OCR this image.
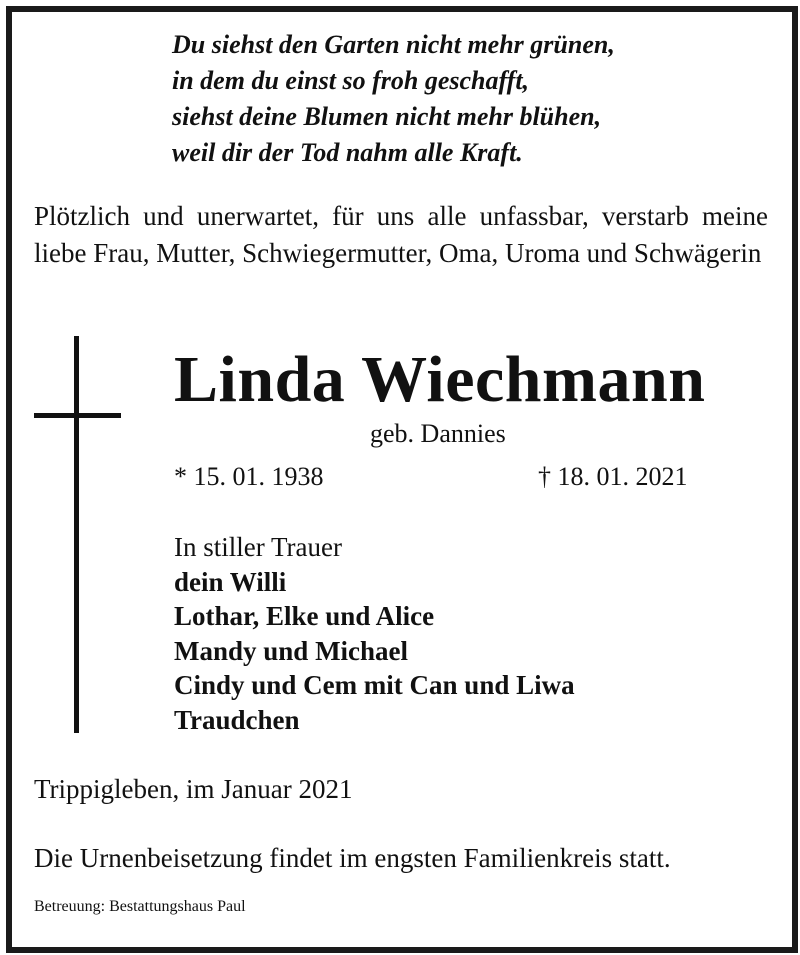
Du siehst den Garten nicht mehr grünen,
in dem du einst so froh geschafft,
siehst deine Blumen nicht mehr blühen,
weil dir der Tod nahm alle Kraft.
Plötzlich und unerwartet, für uns alle unfassbar, verstarb meine liebe Frau, Mutter, Schwiegermutter, Oma, Uroma und Schwägerin
Linda Wiechmann
geb. Dannies
* 15. 01. 1938	† 18. 01. 2021
In stiller Trauer
dein Willi
Lothar, Elke und Alice
Mandy und Michael
Cindy und Cem mit Can und Liwa
Traudchen
Trippigleben, im Januar 2021
Die Urnenbeisetzung findet im engsten Familienkreis statt.
Betreuung: Bestattungshaus Paul
